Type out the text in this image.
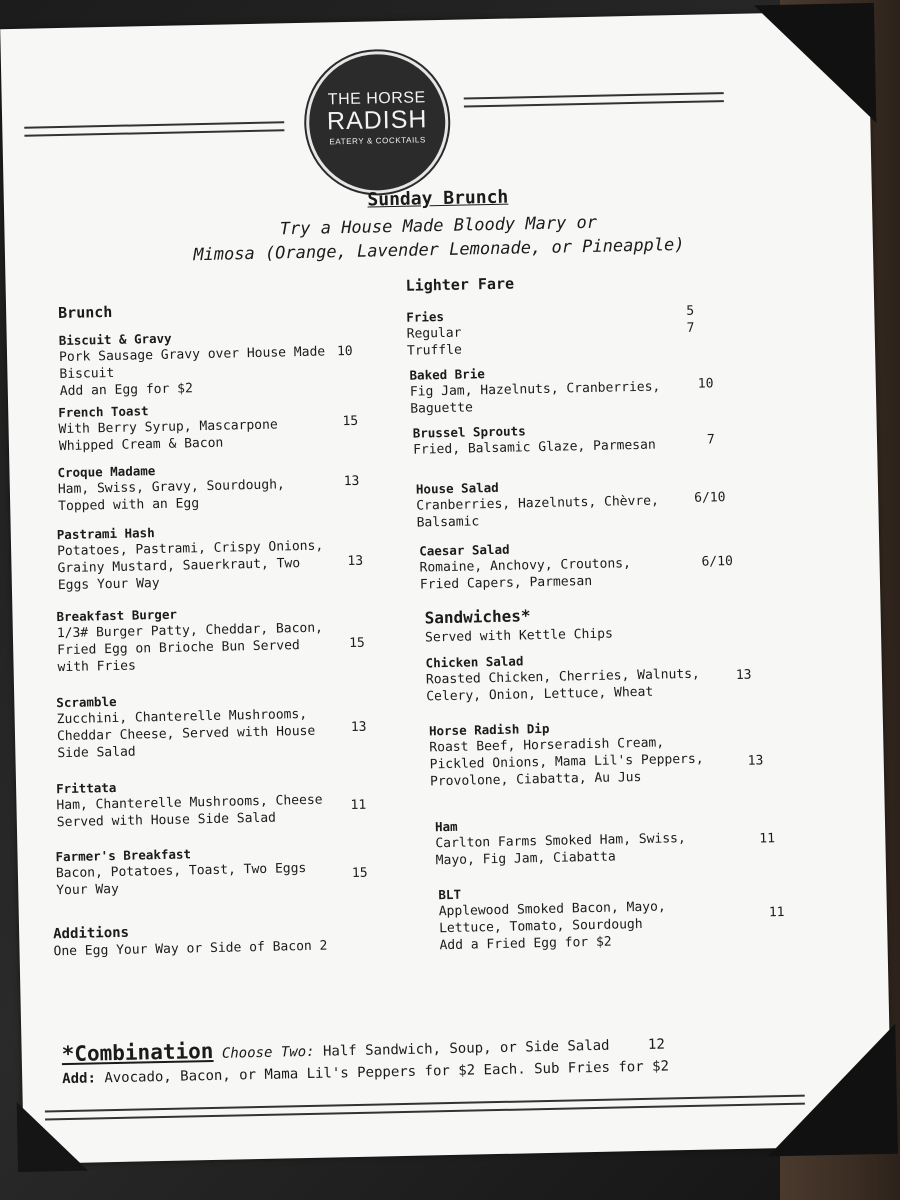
THE HORSE
RADISH
EATERY & COCKTAILS
Sunday Brunch
Try a House Made Bloody Mary or
Mimosa (Orange, Lavender Lemonade, or Pineapple)
Brunch
Biscuit & Gravy
Pork Sausage Gravy over House Made
Biscuit
Add an Egg for $2
10
French Toast
With Berry Syrup, Mascarpone
Whipped Cream & Bacon
15
Croque Madame
Ham, Swiss, Gravy, Sourdough,
Topped with an Egg
13
Pastrami Hash
Potatoes, Pastrami, Crispy Onions,
Grainy Mustard, Sauerkraut, Two
Eggs Your Way
13
Breakfast Burger
1/3# Burger Patty, Cheddar, Bacon,
Fried Egg on Brioche Bun Served
with Fries
15
Scramble
Zucchini, Chanterelle Mushrooms,
Cheddar Cheese, Served with House
Side Salad
13
Frittata
Ham, Chanterelle Mushrooms, Cheese
Served with House Side Salad
11
Farmer's Breakfast
Bacon, Potatoes, Toast, Two Eggs
Your Way
15
Additions
One Egg Your Way or Side of Bacon 2
Lighter Fare
Fries
Regular
Truffle
5
7
Baked Brie
Fig Jam, Hazelnuts, Cranberries,
Baguette
10
Brussel Sprouts
Fried, Balsamic Glaze, Parmesan	7
House Salad
Cranberries, Hazelnuts, Chèvre,
Balsamic
6/10
Caesar Salad
Romaine, Anchovy, Croutons,
Fried Capers, Parmesan
6/10
Sandwiches*
Served with Kettle Chips
Chicken Salad
Roasted Chicken, Cherries, Walnuts,
Celery, Onion, Lettuce, Wheat
13
Horse Radish Dip
Roast Beef, Horseradish Cream,
Pickled Onions, Mama Lil's Peppers,
Provolone, Ciabatta, Au Jus
13
Ham
Carlton Farms Smoked Ham, Swiss,
Mayo, Fig Jam, Ciabatta
11
BLT
Applewood Smoked Bacon, Mayo,
Lettuce, Tomato, Sourdough
Add a Fried Egg for $2
11
*Combination Choose Two: Half Sandwich, Soup, or Side Salad	12
Add: Avocado, Bacon, or Mama Lil's Peppers for $2 Each. Sub Fries for $2
